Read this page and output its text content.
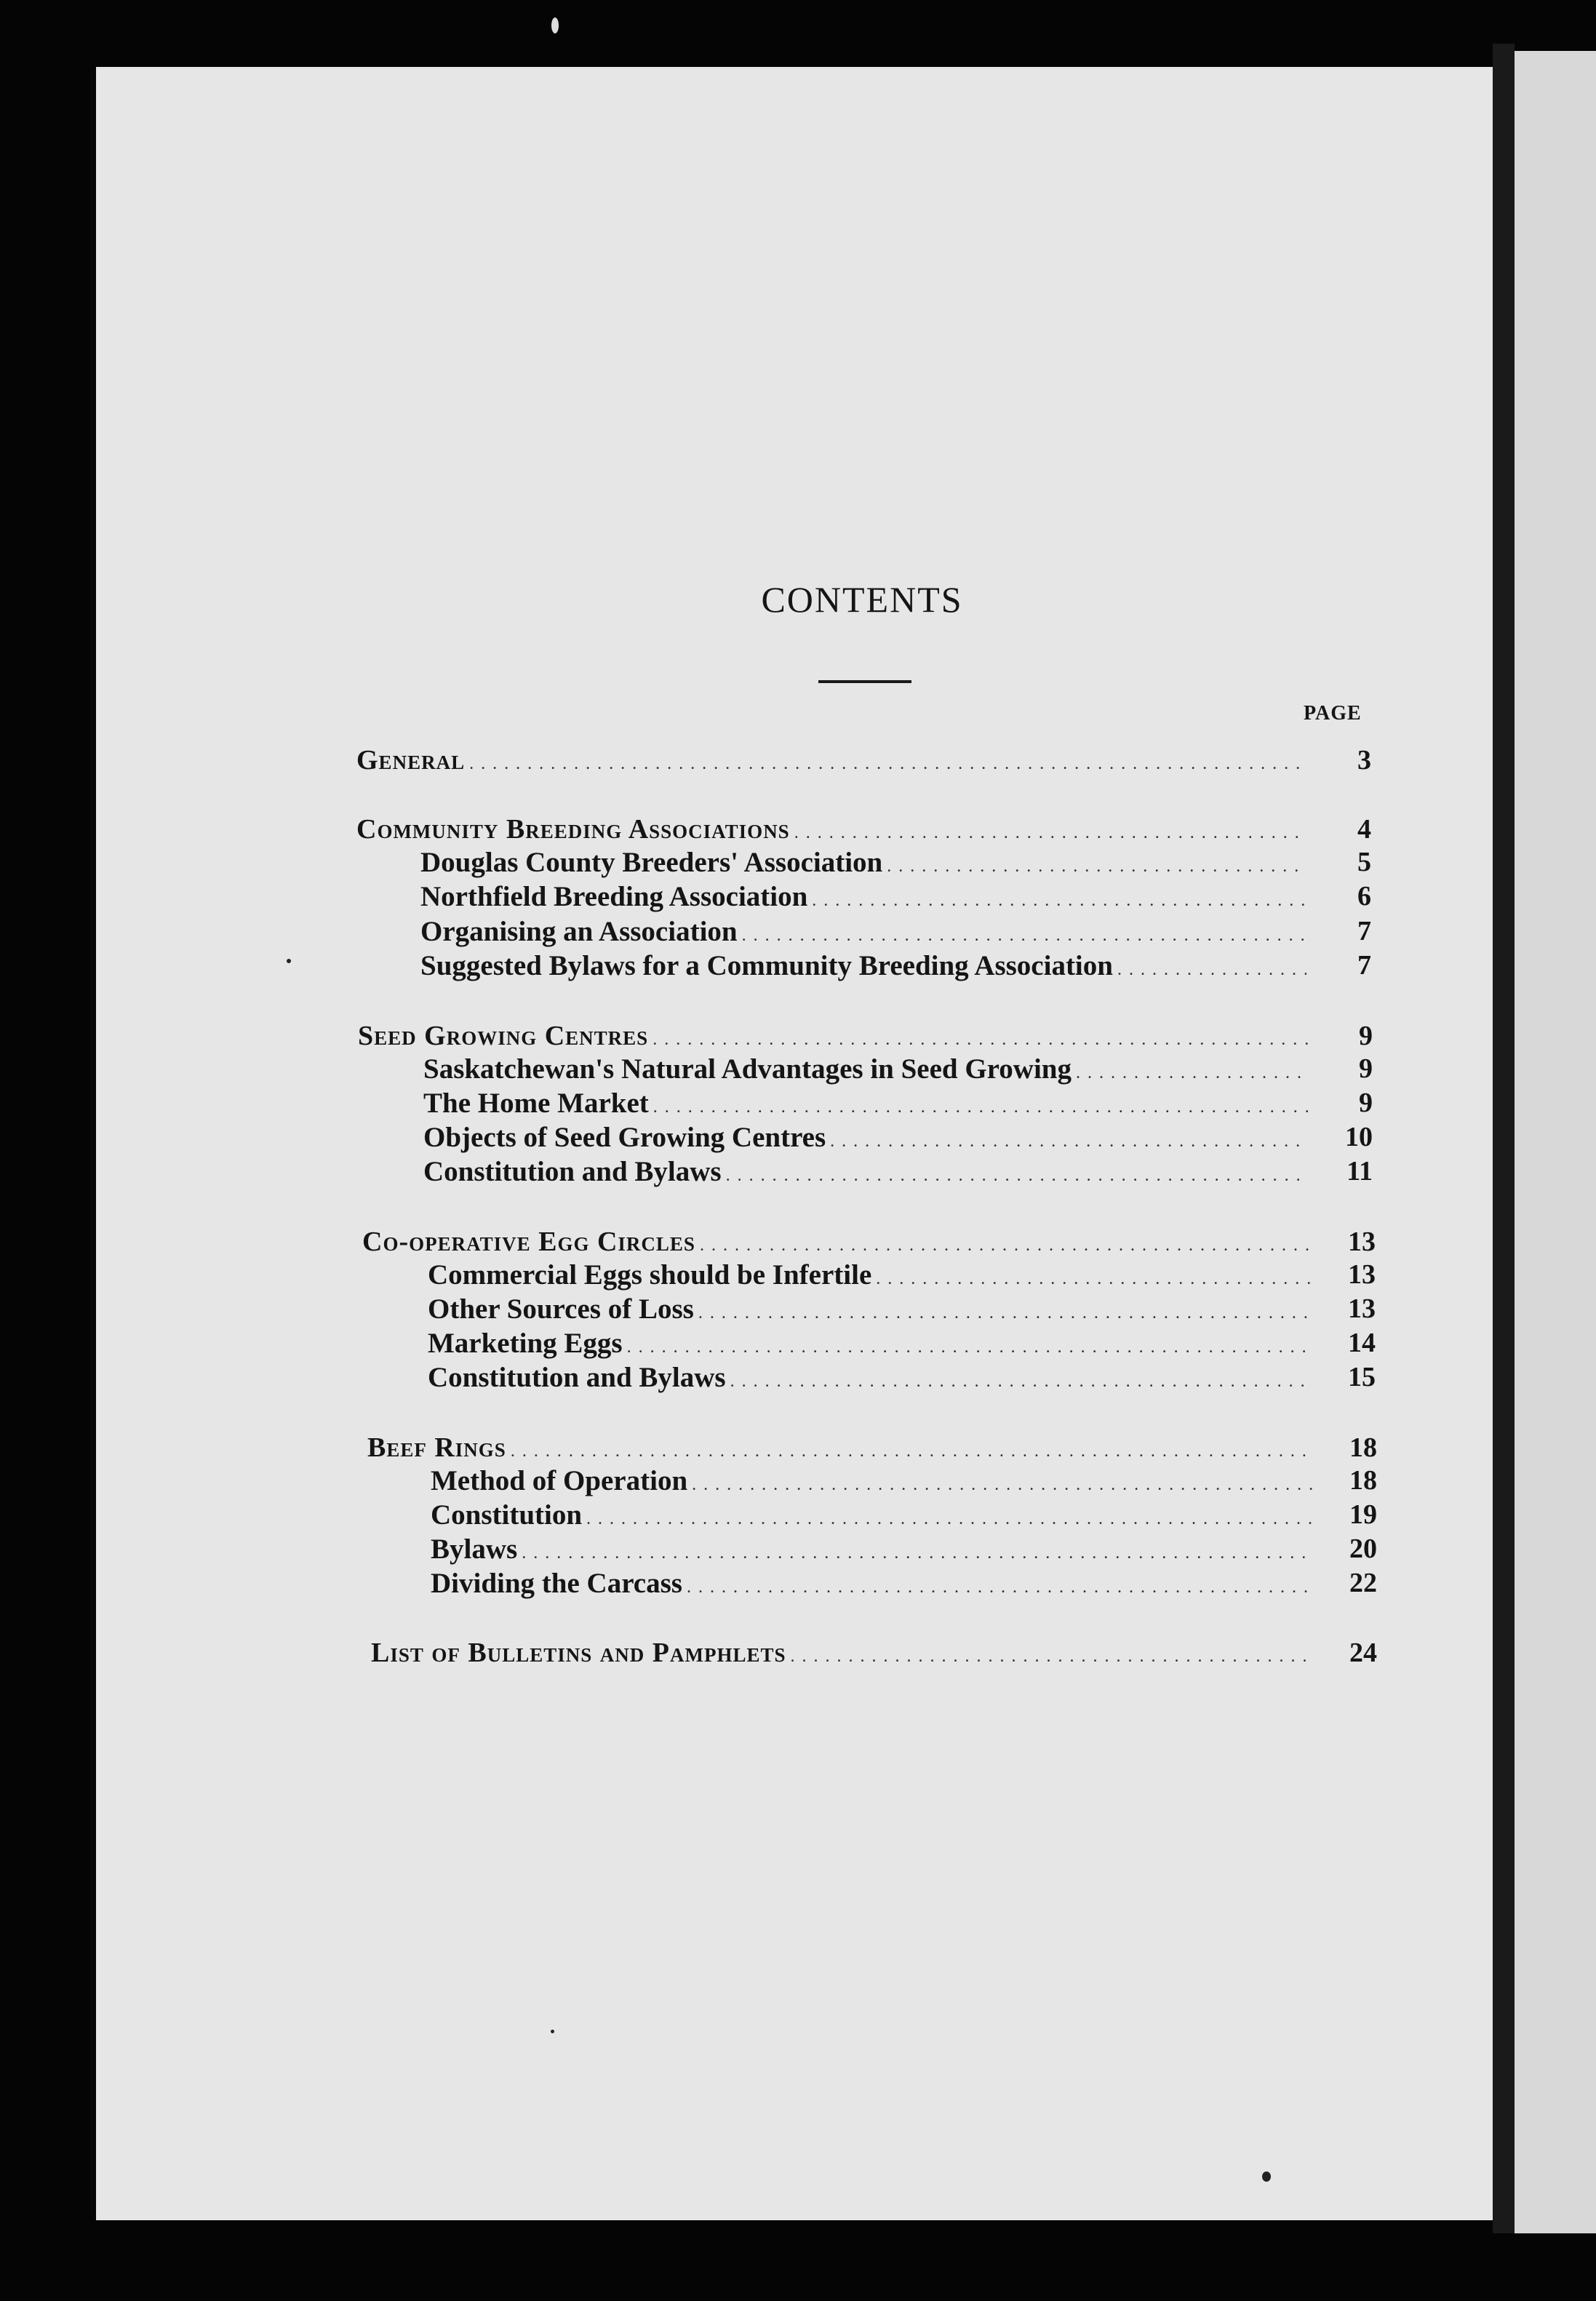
CONTENTS
PAGE
General .....	3
Community Breeding Associations .....	4
Douglas County Breeders' Association .....	5
Northfield Breeding Association .....	6
Organising an Association .....	7
Suggested Bylaws for a Community Breeding Association .....	7
Seed Growing Centres .....	9
Saskatchewan's Natural Advantages in Seed Growing .....	9
The Home Market .....	9
Objects of Seed Growing Centres .....	10
Constitution and Bylaws .....	11
Co-operative Egg Circles .....	13
Commercial Eggs should be Infertile .....	13
Other Sources of Loss .....	13
Marketing Eggs .....	14
Constitution and Bylaws .....	15
Beef Rings .....	18
Method of Operation .....	18
Constitution .....	19
Bylaws .....	20
Dividing the Carcass .....	22
List of Bulletins and Pamphlets .....	24
